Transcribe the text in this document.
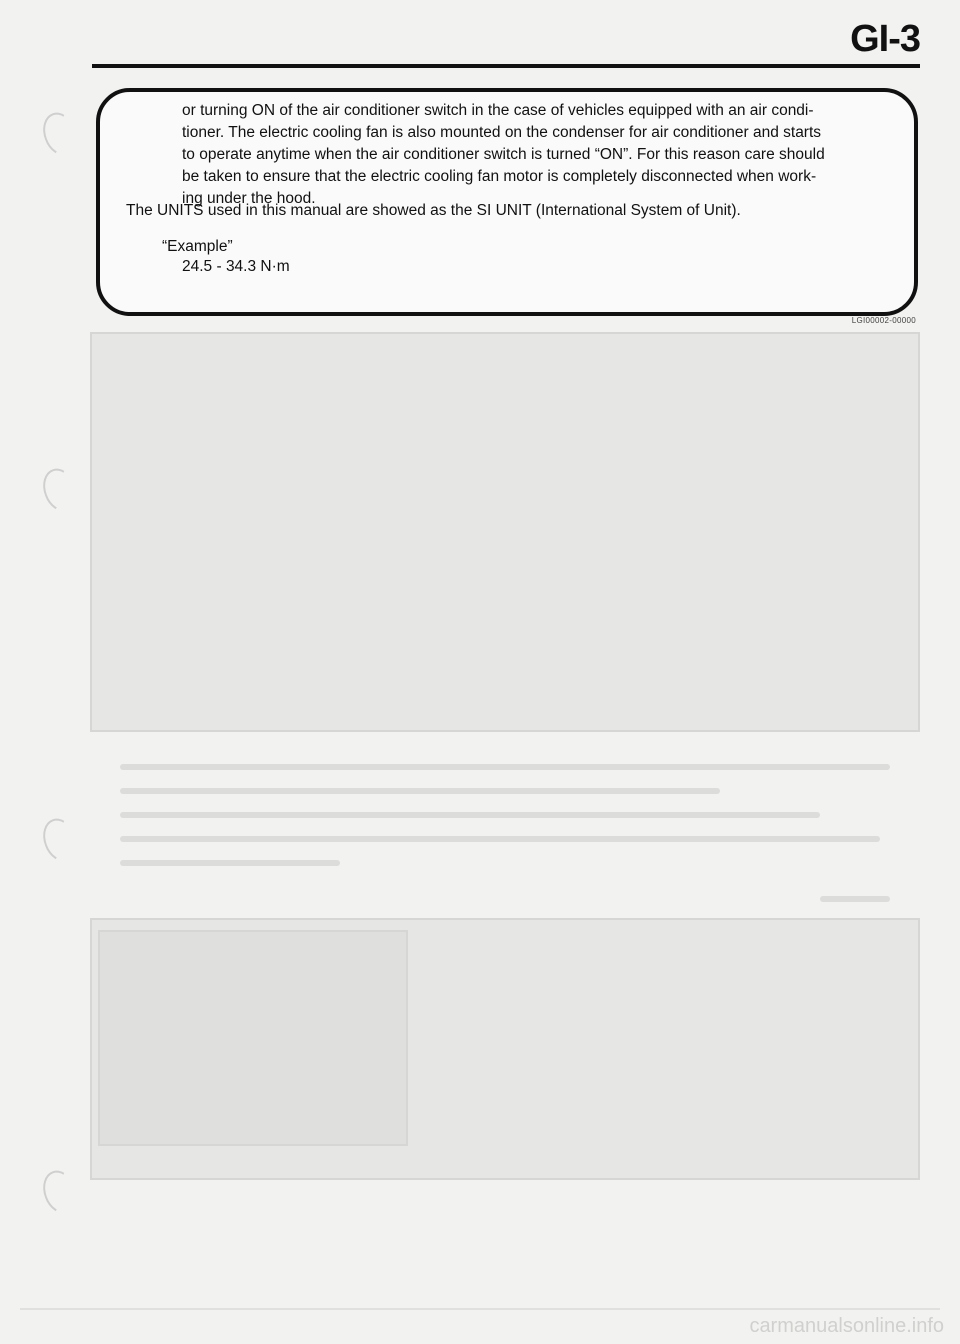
GI-3

or turning ON of the air conditioner switch in the case of vehicles equipped with an air condi-

tioner. The electric cooling fan is also mounted on the condenser for air conditioner and starts

to operate anytime when the air conditioner switch is turned “ON”. For this reason care should

be taken to ensure that the electric cooling fan motor is completely disconnected when work-

ing under the hood.

The UNITS used in this manual are showed as the SI UNIT (International System of Unit).
“Example”
24.5 - 34.3 N·m
LGI00002-00000
carmanualsonline.info
